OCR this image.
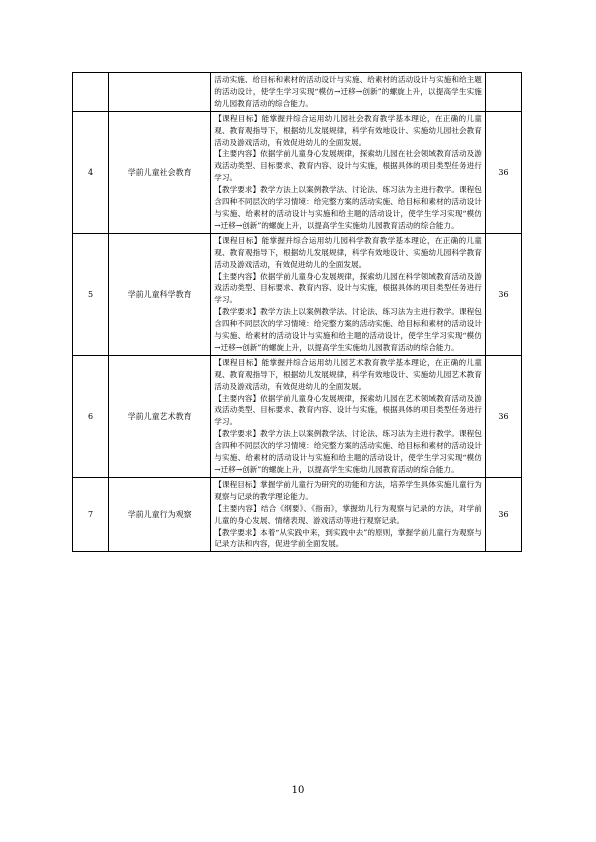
		活动实施、给目标和素材的活动设计与实施、给素材的活动设计与实施和给主题的活动设计，使学生学习实现“模仿→迁移→创新”的螺旋上升，以提高学生实施幼儿园教育活动的综合能力。	

4	学前儿童社会教育	【课程目标】能掌握并综合运用幼儿园社会教育教学基本理论，在正确的儿童观、教育观指导下，根据幼儿发展规律，科学有效地设计、实施幼儿园社会教育活动及游戏活动，有效促进幼儿的全面发展。

【主要内容】依据学前儿童身心发展规律，探索幼儿园在社会领域教育活动及游戏活动类型、目标要求、教育内容、设计与实施，根据具体的项目类型任务进行学习。

【教学要求】教学方法上以案例教学法、讨论法、练习法为主进行教学。课程包含四种不同层次的学习情境：给完整方案的活动实施、给目标和素材的活动设计与实施、给素材的活动设计与实施和给主题的活动设计，使学生学习实现“模仿→迁移→创新”的螺旋上升，以提高学生实施幼儿园教育活动的综合能力。	36
5	学前儿童科学教育	【课程目标】能掌握并综合运用幼儿园科学教育教学基本理论，在正确的儿童观、教育观指导下，根据幼儿发展规律，科学有效地设计、实施幼儿园科学教育活动及游戏活动，有效促进幼儿的全面发展。

【主要内容】依据学前儿童身心发展规律，探索幼儿园在科学领域教育活动及游戏活动类型、目标要求、教育内容、设计与实施，根据具体的项目类型任务进行学习。

【教学要求】教学方法上以案例教学法、讨论法、练习法为主进行教学。课程包含四种不同层次的学习情境：给完整方案的活动实施、给目标和素材的活动设计与实施、给素材的活动设计与实施和给主题的活动设计，使学生学习实现“模仿→迁移→创新”的螺旋上升，以提高学生实施幼儿园教育活动的综合能力。	36
6	学前儿童艺术教育	【课程目标】能掌握并综合运用幼儿园艺术教育教学基本理论，在正确的儿童观、教育观指导下，根据幼儿发展规律，科学有效地设计、实施幼儿园艺术教育活动及游戏活动，有效促进幼儿的全面发展。

【主要内容】依据学前儿童身心发展规律，探索幼儿园在艺术领域教育活动及游戏活动类型、目标要求、教育内容、设计与实施，根据具体的项目类型任务进行学习。

【教学要求】教学方法上以案例教学法、讨论法、练习法为主进行教学。课程包含四种不同层次的学习情境：给完整方案的活动实施、给目标和素材的活动设计与实施、给素材的活动设计与实施和给主题的活动设计，使学生学习实现“模仿→迁移→创新”的螺旋上升，以提高学生实施幼儿园教育活动的综合能力。	36
7	学前儿童行为观察	【课程目标】掌握学前儿童行为研究的功能和方法，培养学生具体实施儿童行为观察与记录的教学理论能力。

【主要内容】结合《纲要》、《指南》，掌握幼儿行为观察与记录的方法，对学前儿童的身心发展、情绪表现、游戏活动等进行观察记录。

【教学要求】本着“从实践中来，到实践中去”的原则，掌握学前儿童行为观察与记录方法和内容，促进学前全面发展。	36
10
